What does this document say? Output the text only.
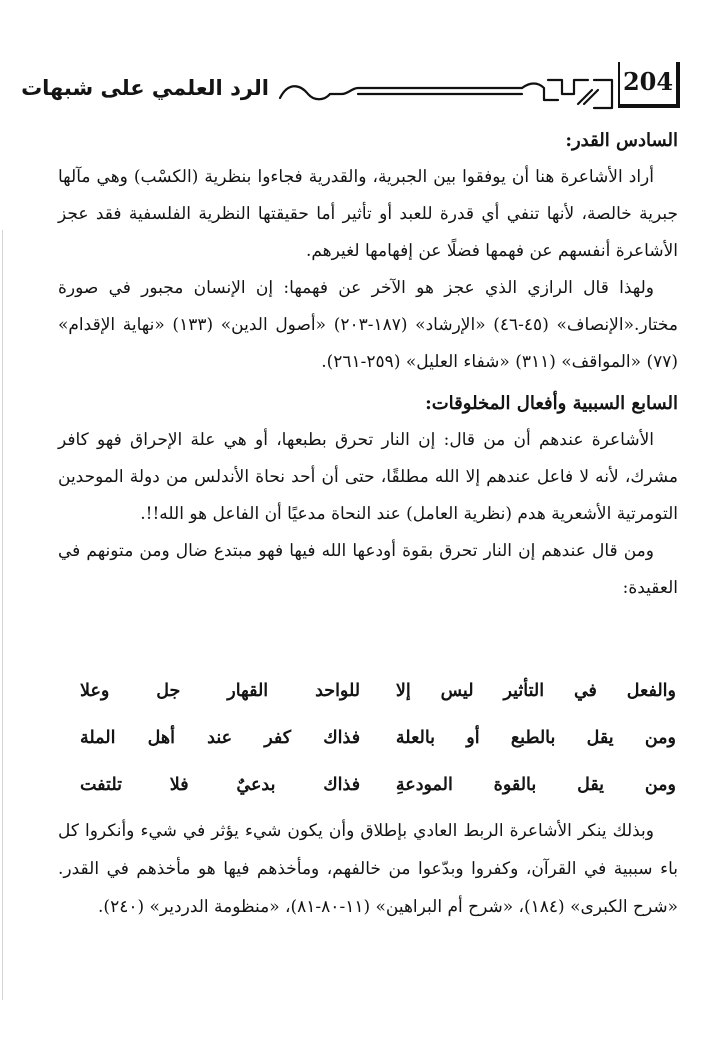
الرد العلمي على شبهات	204

السادس القدر:

أراد الأشاعرة هنا أن يوفقوا بين الجبرية، والقدرية فجاءوا بنظرية (الكسْب) وهي مآلها جبرية خالصة، لأنها تنفي أي قدرة للعبد أو تأثير أما حقيقتها النظرية الفلسفية فقد عجز الأشاعرة أنفسهم عن فهمها فضلًا عن إفهامها لغيرهم.

ولهذا قال الرازي الذي عجز هو الآخر عن فهمها: إن الإنسان مجبور في صورة مختار.«الإنصاف» (٤٥-٤٦) «الإرشاد» (١٨٧-٢٠٣) «أصول الدين» (١٣٣) «نهاية الإقدام» (٧٧) «المواقف» (٣١١) «شفاء العليل» (٢٥٩-٢٦١).

السابع السببية وأفعال المخلوقات:

الأشاعرة عندهم أن من قال: إن النار تحرق بطبعها، أو هي علة الإحراق فهو كافر مشرك، لأنه لا فاعل عندهم إلا الله مطلقًا، حتى أن أحد نحاة الأندلس من دولة الموحدين التومرتية الأشعرية هدم (نظرية العامل) عند النحاة مدعيًا أن الفاعل هو الله!!.

ومن قال عندهم إن النار تحرق بقوة أودعها الله فيها فهو مبتدع ضال ومن متونهم في العقيدة:

والفعل في التأثير ليس إلا
للواحد القهار جل وعلا
ومن يقل بالطبع أو بالعلة
فذاك كفر عند أهل الملة
ومن يقل بالقوة المودعةِ
فذاك بدعيٌ فلا تلتفت

وبذلك ينكر الأشاعرة الربط العادي بإطلاق وأن يكون شيء يؤثر في شيء وأنكروا كل باء سببية في القرآن، وكفروا وبدّعوا من خالفهم، ومأخذهم فيها هو مأخذهم في القدر. «شرح الكبرى» (١٨٤)، «شرح أم البراهين» (١١-٨٠-٨١)، «منظومة الدردير» (٢٤٠).
